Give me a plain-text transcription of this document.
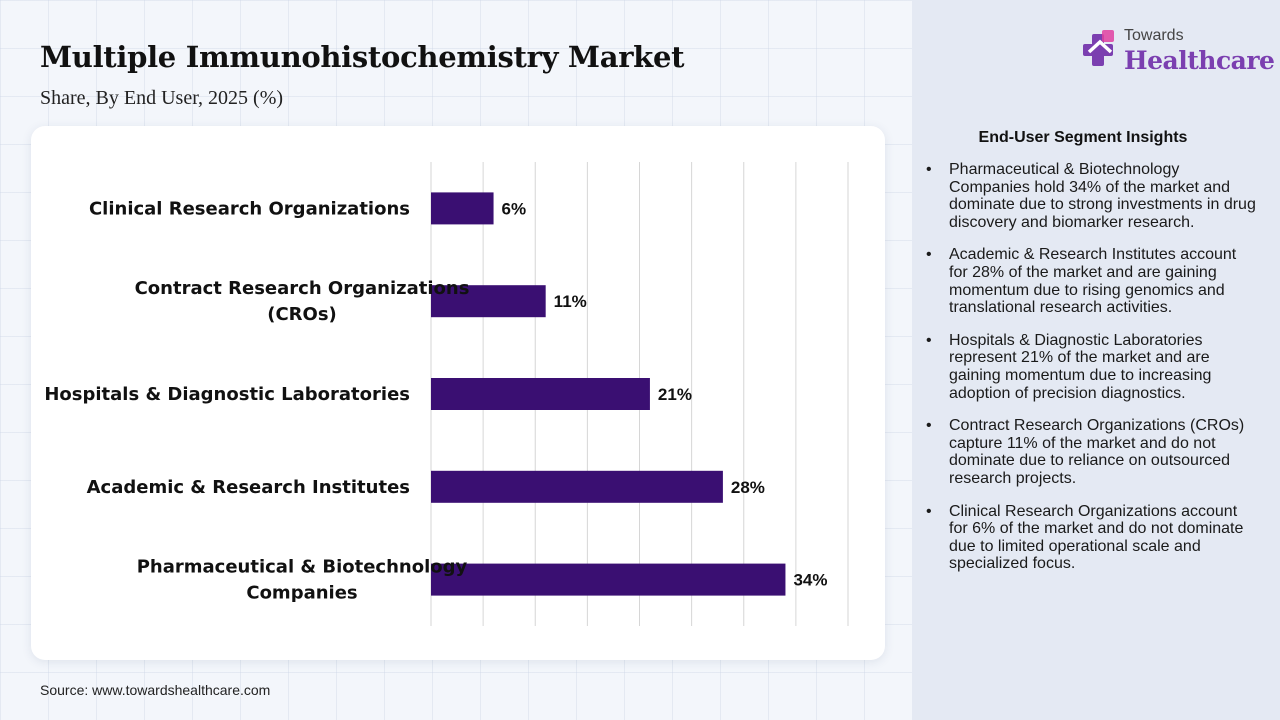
Multiple Immunohistochemistry Market
Share, By End User, 2025 (%)
Towards
Healthcare
6%
Clinical Research Organizations
11%
Contract Research Organizations (CROs)
21%
Hospitals & Diagnostic Laboratories
28%
Academic & Research Institutes
34%
Pharmaceutical & Biotechnology Companies
Source: www.towardshealthcare.com
End-User Segment Insights
• Pharmaceutical & Biotechnology Companies hold 34% of the market and dominate due to strong investments in drug discovery and biomarker research.
• Academic & Research Institutes account for 28% of the market and are gaining momentum due to rising genomics and translational research activities.
• Hospitals & Diagnostic Laboratories represent 21% of the market and are gaining momentum due to increasing adoption of precision diagnostics.
• Contract Research Organizations (CROs) capture 11% of the market and do not dominate due to reliance on outsourced research projects.
• Clinical Research Organizations account for 6% of the market and do not dominate due to limited operational scale and specialized focus.
